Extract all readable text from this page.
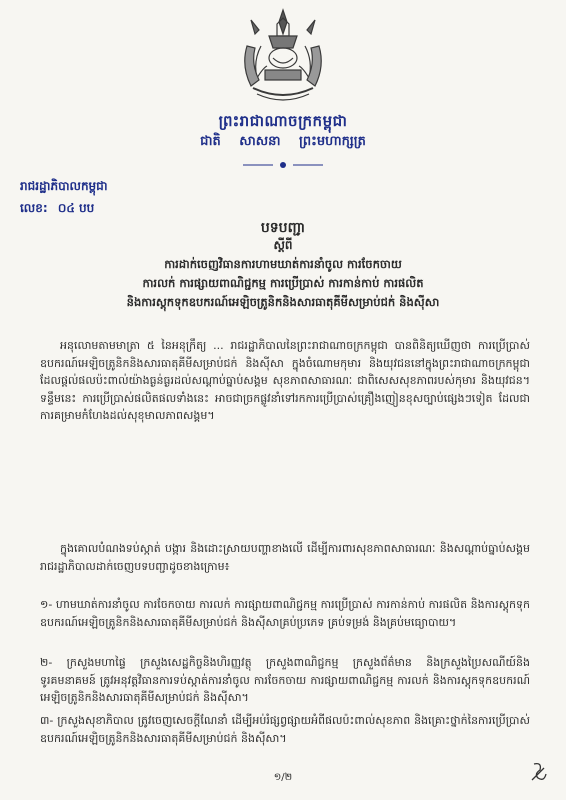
ព្រះរាជាណាចក្រកម្ពុជា
ជាតិ សាសនា ព្រះមហាក្សត្រ
រាជរដ្ឋាភិបាលកម្ពុជា
លេខ: ០៤ បប
បទបញ្ជា
ស្តីពី
ការដាក់ចេញវិធានការហាមឃាត់ការនាំចូល ការចែកចាយ
ការលក់ ការផ្សាយពាណិជ្ជកម្ម ការប្រើប្រាស់ ការកាន់កាប់ ការផលិត
និងការស្តុកទុកឧបករណ៍អេឡិចត្រូនិកនិងសារធាតុគីមីសម្រាប់ជក់ និងស៊ីសា
អនុលោមតាមមាត្រា ៥ នៃអនុក្រឹត្យ ... រាជរដ្ឋាភិបាលនៃព្រះរាជាណាចក្រកម្ពុជា បានពិនិត្យឃើញថា ការប្រើប្រាស់ឧបករណ៍អេឡិចត្រូនិកនិងសារធាតុគីមីសម្រាប់ជក់ និងស៊ីសា ក្នុងចំណោមកុមារ និងយុវជននៅក្នុងព្រះរាជាណាចក្រកម្ពុជា ដែលផ្តល់ផលប៉ះពាល់យ៉ាងធ្ងន់ធ្ងរដល់សណ្តាប់ធ្នាប់សង្គម សុខភាពសាធារណៈ ជាពិសេសសុខភាពរបស់កុមារ និងយុវជន។ ទន្ទឹមនេះ ការប្រើប្រាស់ផលិតផលទាំងនេះ អាចជាច្រកផ្លូវនាំទៅរកការប្រើប្រាស់គ្រឿងញៀនខុសច្បាប់ផ្សេងៗទៀត ដែលជាការគម្រាមកំហែងដល់សុខុមាលភាពសង្គម។
ក្នុងគោលបំណងទប់ស្កាត់ បង្ការ និងដោះស្រាយបញ្ហាខាងលើ ដើម្បីការពារសុខភាពសាធារណៈ និងសណ្តាប់ធ្នាប់សង្គម រាជរដ្ឋាភិបាលដាក់ចេញបទបញ្ជាដូចខាងក្រោម៖
១- ហាមឃាត់ការនាំចូល ការចែកចាយ ការលក់ ការផ្សាយពាណិជ្ជកម្ម ការប្រើប្រាស់ ការកាន់កាប់ ការផលិត និងការស្តុកទុកឧបករណ៍អេឡិចត្រូនិកនិងសារធាតុគីមីសម្រាប់ជក់ និងស៊ីសាគ្រប់ប្រភេទ គ្រប់ទម្រង់ និងគ្រប់មធ្យោបាយ។
២- ក្រសួងមហាផ្ទៃ ក្រសួងសេដ្ឋកិច្ចនិងហិរញ្ញវត្ថុ ក្រសួងពាណិជ្ជកម្ម ក្រសួងព័ត៌មាន និងក្រសួងប្រៃសណីយ៍និងទូរគមនាគមន៍ ត្រូវអនុវត្តវិធានការទប់ស្កាត់ការនាំចូល ការចែកចាយ ការផ្សាយពាណិជ្ជកម្ម ការលក់ និងការស្តុកទុកឧបករណ៍អេឡិចត្រូនិកនិងសារធាតុគីមីសម្រាប់ជក់ និងស៊ីសា។
៣- ក្រសួងសុខាភិបាល ត្រូវចេញសេចក្តីណែនាំ ដើម្បីអប់រំផ្សព្វផ្សាយអំពីផលប៉ះពាល់សុខភាព និងគ្រោះថ្នាក់នៃការប្រើប្រាស់ឧបករណ៍អេឡិចត្រូនិកនិងសារធាតុគីមីសម្រាប់ជក់ និងស៊ីសា។
១/២
